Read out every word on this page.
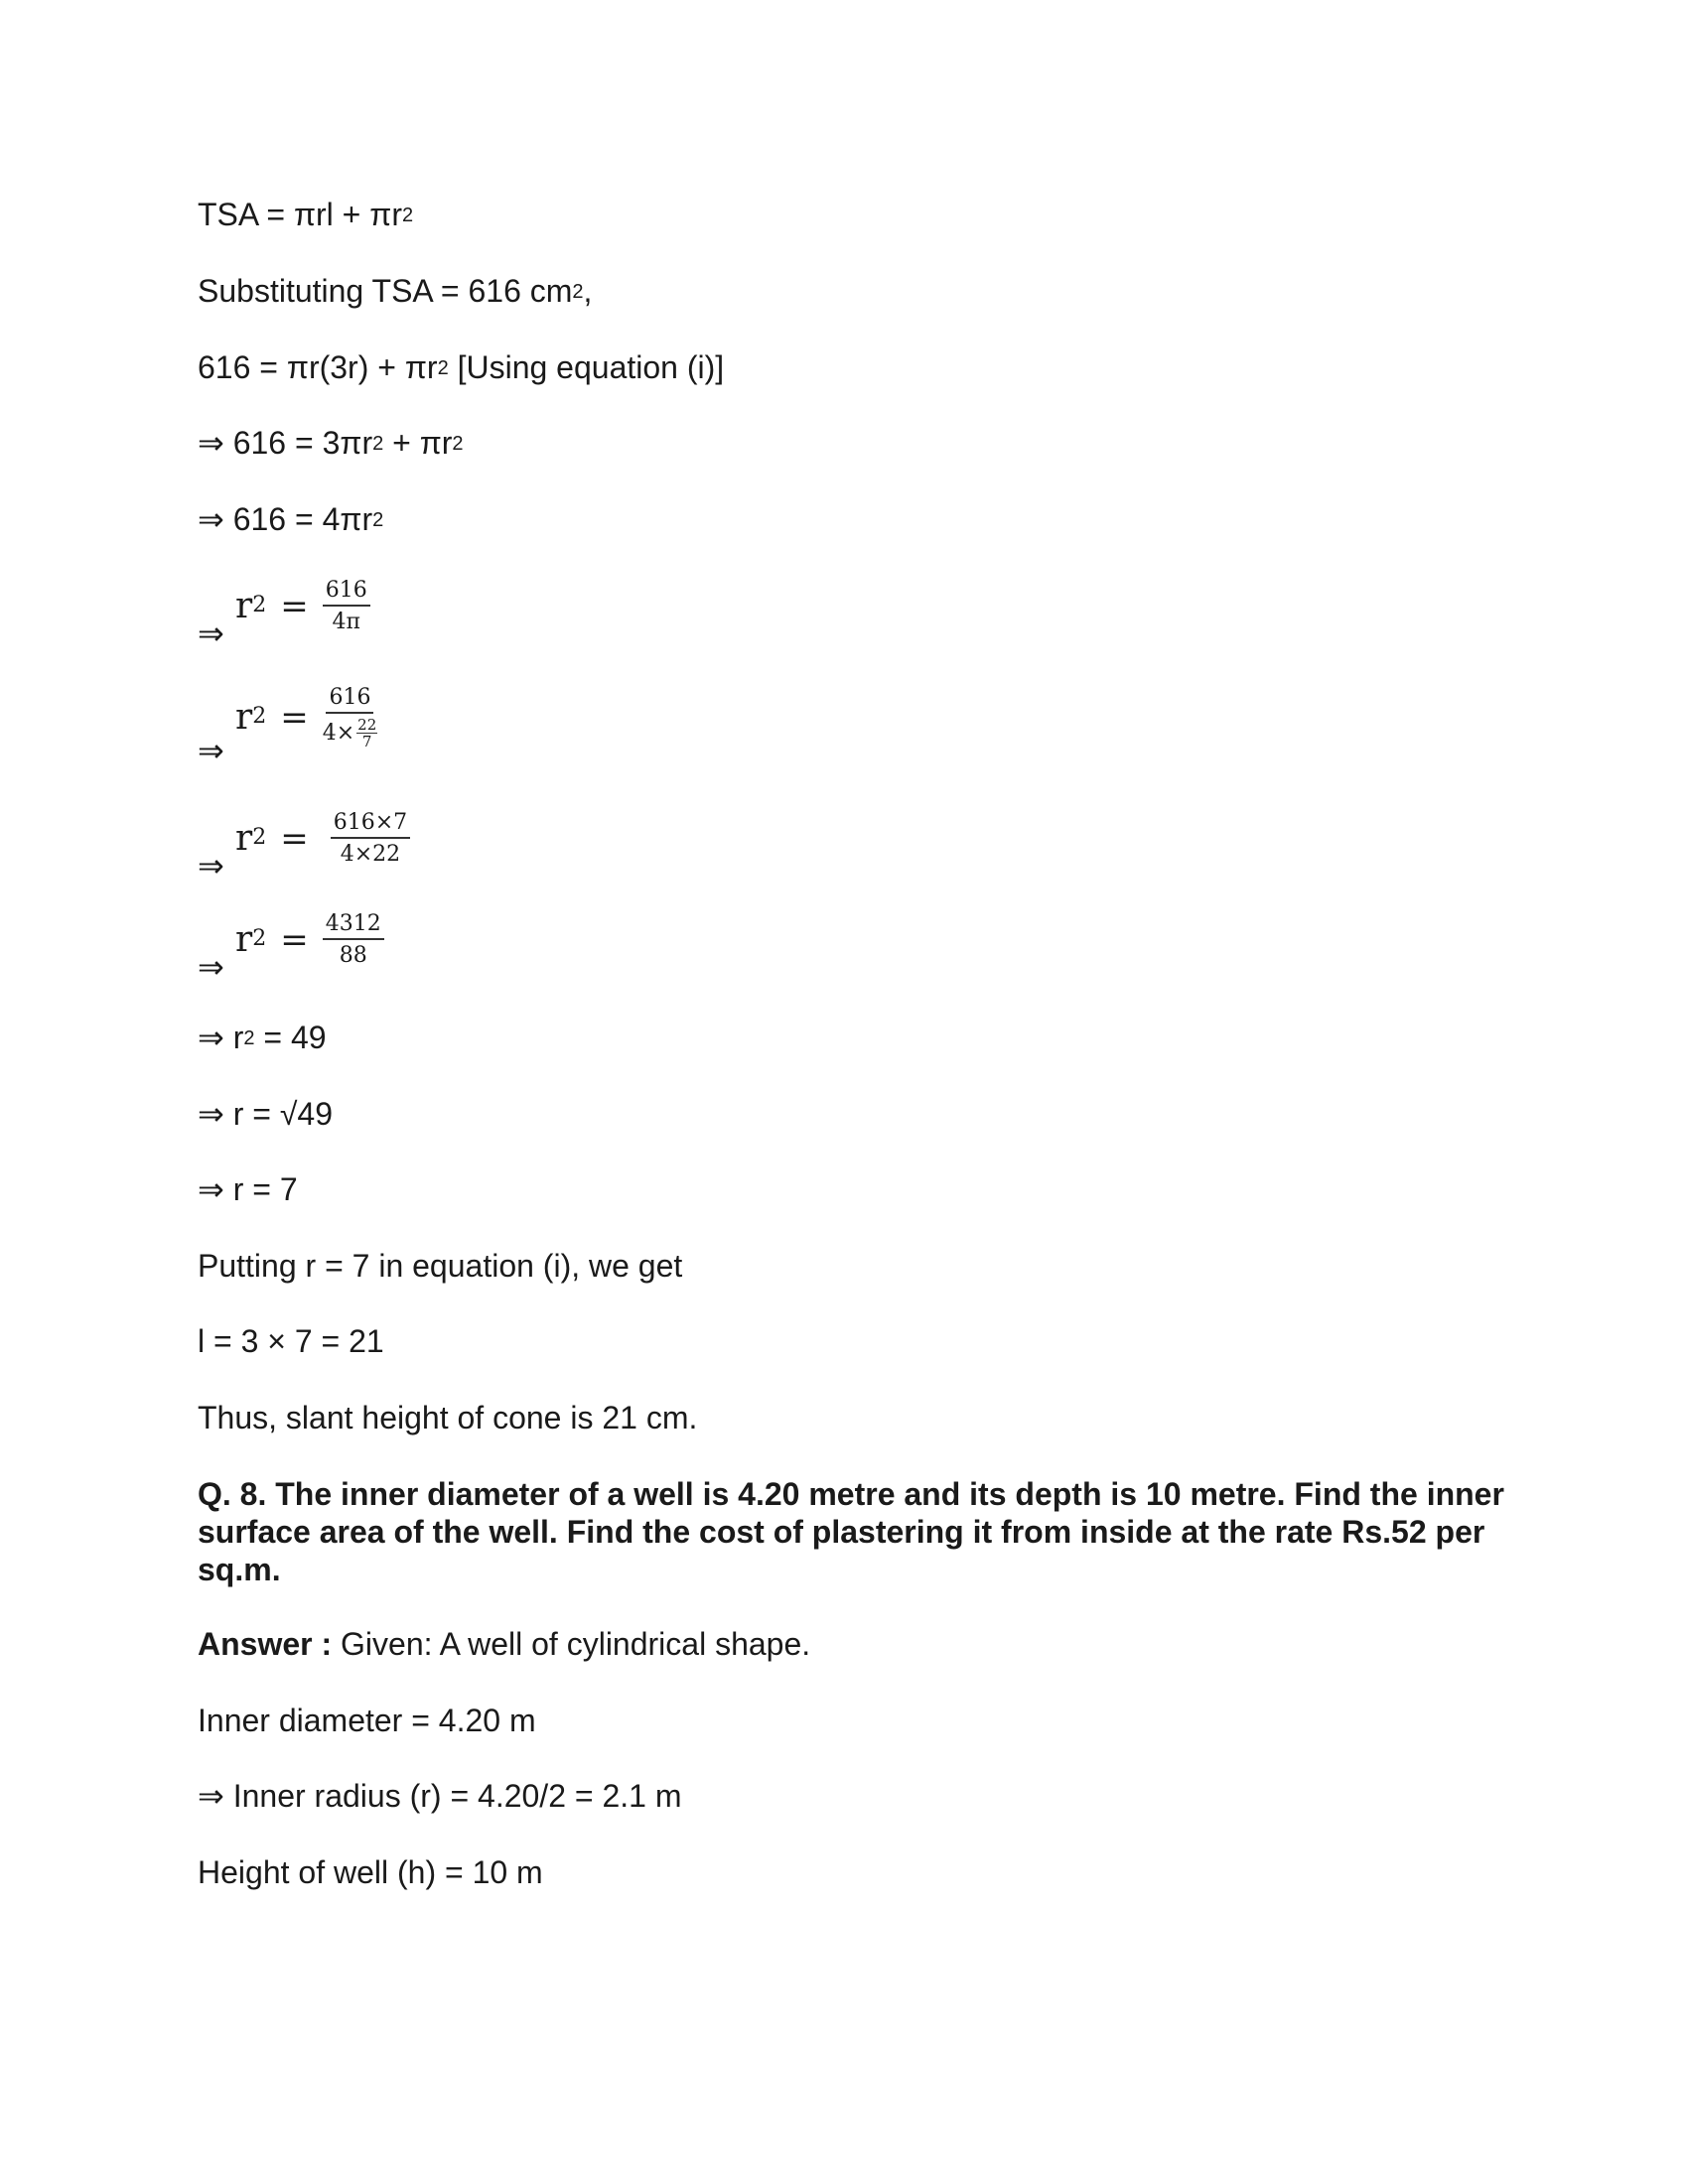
TSA = $\pi rl + \pi r^2$
Substituting TSA = 616 $cm^2$,
$616 = \pi r(3r) + \pi r^2$ [Using equation (i)]
⇒ $616 = 3\pi r^2 + \pi r^2$
⇒ $616 = 4\pi r^2$
⇒
$r^2 = \frac{616}{4\pi}$
⇒
$r^2 = \frac{616}{4\times \frac{22}{7}}$
⇒
$r^2 = \frac{616\times 7}{4\times 22}$
⇒
$r^2 = \frac{4312}{88}$
⇒ $r^2 = 49$
⇒ r = √49
⇒ r = 7
Putting r = 7 in equation (i), we get
l = 3 × 7 = 21
Thus, slant height of cone is 21 cm.
Q. 8. The inner diameter of a well is 4.20 metre and its depth is 10 metre. Find the inner surface area of the well. Find the cost of plastering it from inside at the rate Rs.52 per sq.m.
Answer : Given: A well of cylindrical shape.
Inner diameter = 4.20 m
⇒ Inner radius (r) = 4.20/2 = 2.1 m
Height of well (h) = 10 m
